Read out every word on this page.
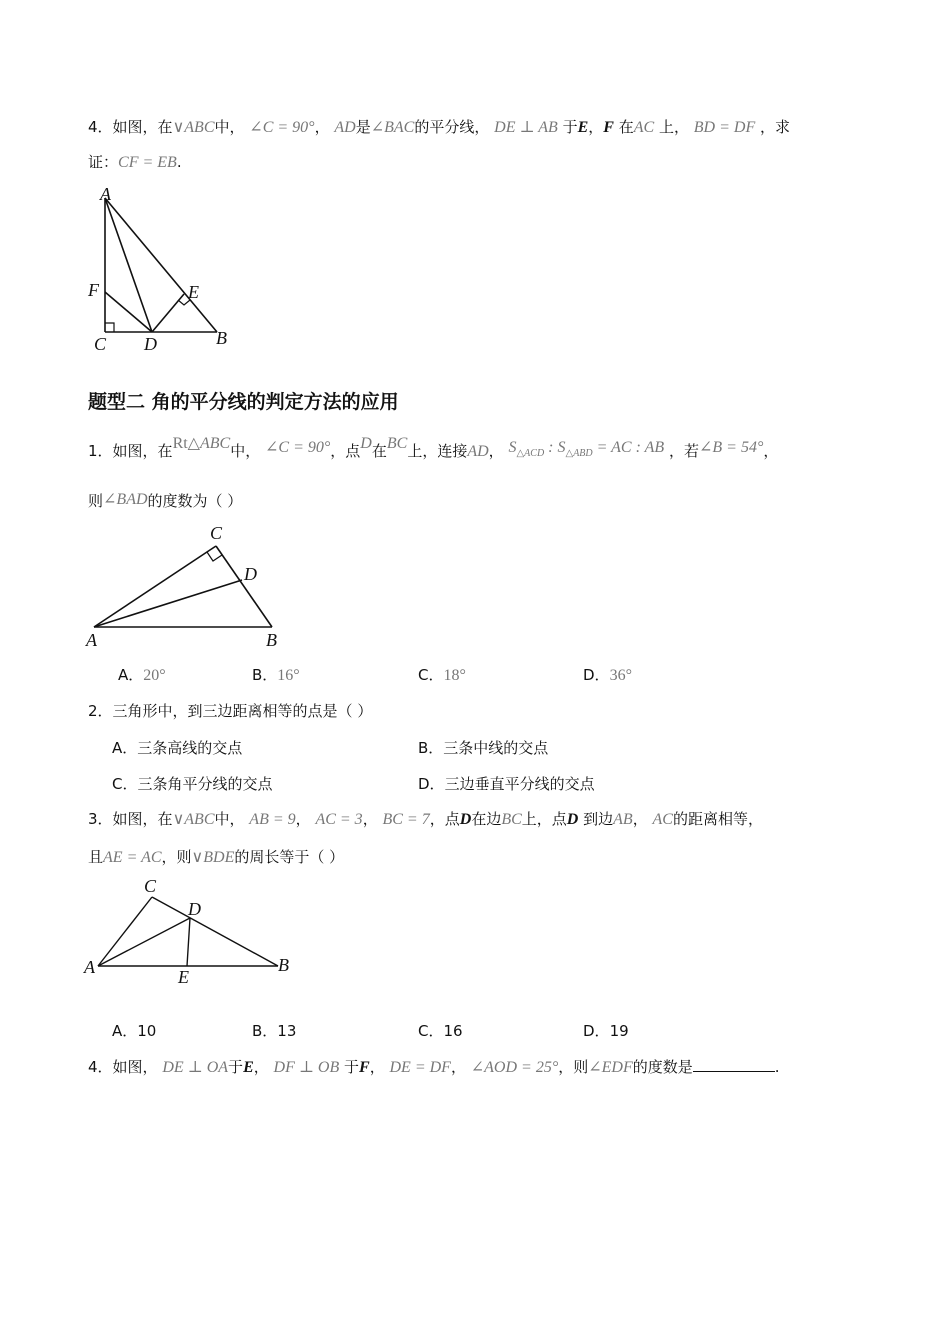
4．如图，在∨ABC中， ∠C = 90°， AD是∠BAC的平分线， DE ⊥ AB 于E，F 在AC 上， BD = DF ，求
证：CF = EB.
A
F	E
C D	B
题型二 角的平分线的判定方法的应用
1．如图，在Rt△ABC中， ∠C = 90°，点D在BC上，连接AD， $S_{\triangle ACD}$ : $S_{\triangle ABD}$ = AC : AB ，若∠B = 54°，
则∠BAD的度数为（ ）
C
D
A	B
A．20°	B．16°	C．18°	D．36°
2．三角形中，到三边距离相等的点是（ ）
A．三条高线的交点	B．三条中线的交点
C．三条角平分线的交点	D．三边垂直平分线的交点
3．如图，在∨ABC中， AB = 9， AC = 3， BC = 7，点D在边BC上，点D 到边AB， AC的距离相等，
且AE = AC，则∨BDE的周长等于（ ）
C
D
A	E
B
A．10	B．13	C．16	D．19
4．如图， DE ⊥ OA于E， DF ⊥ OB 于F， DE = DF， ∠AOD = 25°，则∠EDF的度数是	.
